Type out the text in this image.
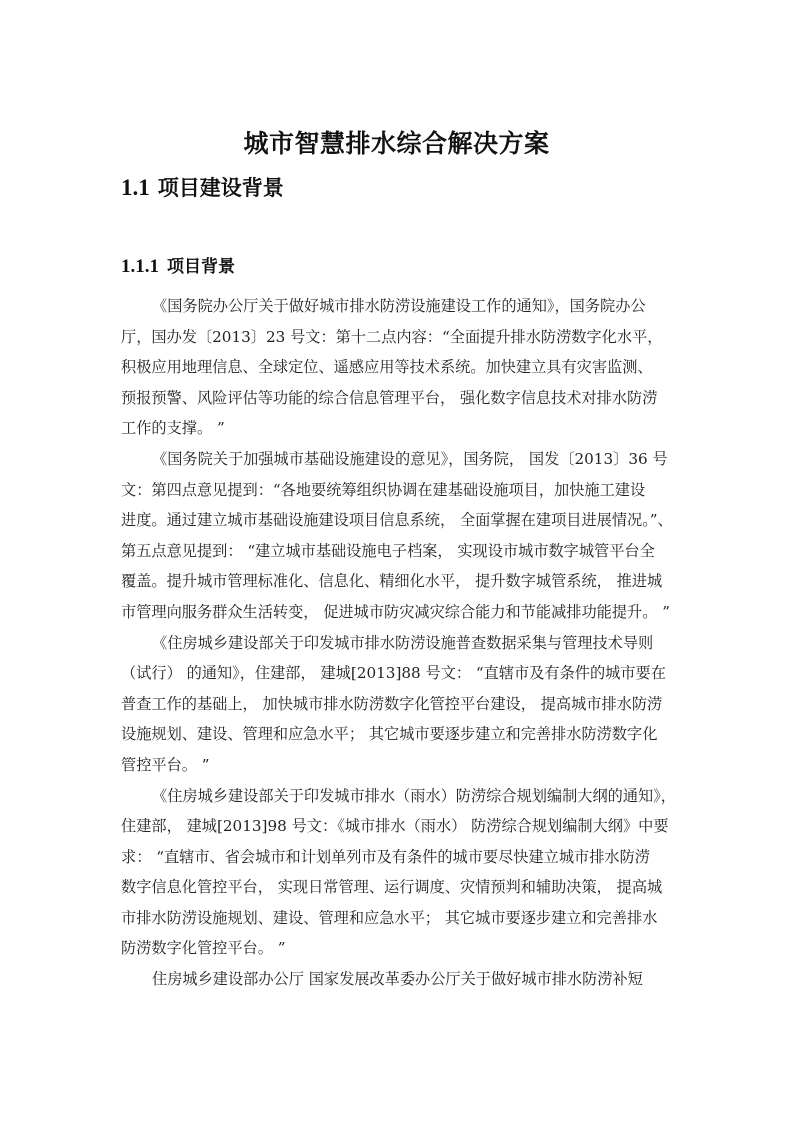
城市智慧排水综合解决方案
1.1 项目建设背景
1.1.1 项目背景
《国务院办公厅关于做好城市排水防涝设施建设工作的通知》，国务院办公
厅，国办发〔2013〕23 号文：第十二点内容：“全面提升排水防涝数字化水平，
积极应用地理信息、全球定位、遥感应用等技术系统。加快建立具有灾害监测、
预报预警、风险评估等功能的综合信息管理平台， 强化数字信息技术对排水防涝
工作的支撑。 ”
《国务院关于加强城市基础设施建设的意见》，国务院， 国发〔2013〕36 号
文：第四点意见提到：“各地要统筹组织协调在建基础设施项目，加快施工建设
进度。通过建立城市基础设施建设项目信息系统， 全面掌握在建项目进展情况。”、
第五点意见提到： “建立城市基础设施电子档案， 实现设市城市数字城管平台全
覆盖。提升城市管理标准化、信息化、精细化水平， 提升数字城管系统， 推进城
市管理向服务群众生活转变， 促进城市防灾减灾综合能力和节能减排功能提升。 ”
《住房城乡建设部关于印发城市排水防涝设施普查数据采集与管理技术导则
（试行） 的通知》，住建部， 建城[2013]88 号文： “直辖市及有条件的城市要在
普查工作的基础上， 加快城市排水防涝数字化管控平台建设， 提高城市排水防涝
设施规划、建设、管理和应急水平； 其它城市要逐步建立和完善排水防涝数字化
管控平台。 ”
《住房城乡建设部关于印发城市排水（雨水）防涝综合规划编制大纲的通知》，
住建部， 建城[2013]98 号文：《城市排水（雨水） 防涝综合规划编制大纲》中要
求： “直辖市、省会城市和计划单列市及有条件的城市要尽快建立城市排水防涝
数字信息化管控平台， 实现日常管理、运行调度、灾情预判和辅助决策， 提高城
市排水防涝设施规划、建设、管理和应急水平； 其它城市要逐步建立和完善排水
防涝数字化管控平台。 ”
住房城乡建设部办公厅 国家发展改革委办公厅关于做好城市排水防涝补短
